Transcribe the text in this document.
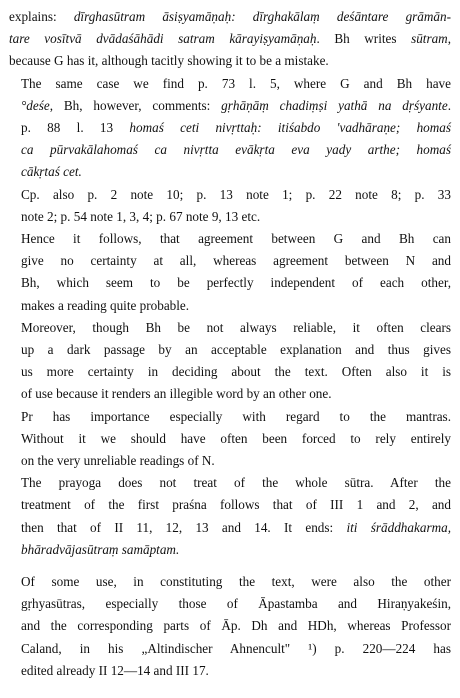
explains: dīrghasūtram āsiṣyamāṇaḥ: dīrghakālaṃ deśāntare grāmān-
tare vosītvā dvādaśāhādi satram kārayiṣyamāṇaḥ. Bh writes sūtram,
because G has it, although tacitly showing it to be a mistake.

The same case we find p. 73 l. 5, where G and Bh have
°deśe, Bh, however, comments: gṛhāṇāṃ chadiṃṣi yathā na dṛśyante.
p. 88 l. 13 homaś ceti nivṛttaḥ: itiśabdo 'vadhāraṇe; homaś
ca pūrvakālahomaś ca nivṛtta evākṛta eva yady arthe; homaś
cākṛtaś cet.

Cp. also p. 2 note 10; p. 13 note 1; p. 22 note 8; p. 33
note 2; p. 54 note 1, 3, 4; p. 67 note 9, 13 etc.

Hence it follows, that agreement between G and Bh can
give no certainty at all, whereas agreement between N and
Bh, which seem to be perfectly independent of each other,
makes a reading quite probable.

Moreover, though Bh be not always reliable, it often clears
up a dark passage by an acceptable explanation and thus gives
us more certainty in deciding about the text. Often also it is
of use because it renders an illegible word by an other one.

Pr has importance especially with regard to the mantras.
Without it we should have often been forced to rely entirely
on the very unreliable readings of N.

The prayoga does not treat of the whole sūtra. After the
treatment of the first praśna follows that of III 1 and 2, and
then that of II 11, 12, 13 and 14. It ends: iti śrāddhakarma,
bhāradvājasūtraṃ samāptam.

Of some use, in constituting the text, were also the other
gṛhyasūtras, especially those of Āpastamba and Hiraṇyakeśin,
and the corresponding parts of Āp. Dh and HDh, whereas Professor
Caland, in his „Altindischer Ahnencult" ¹) p. 220—224 has
edited already II 12—14 and III 17.
